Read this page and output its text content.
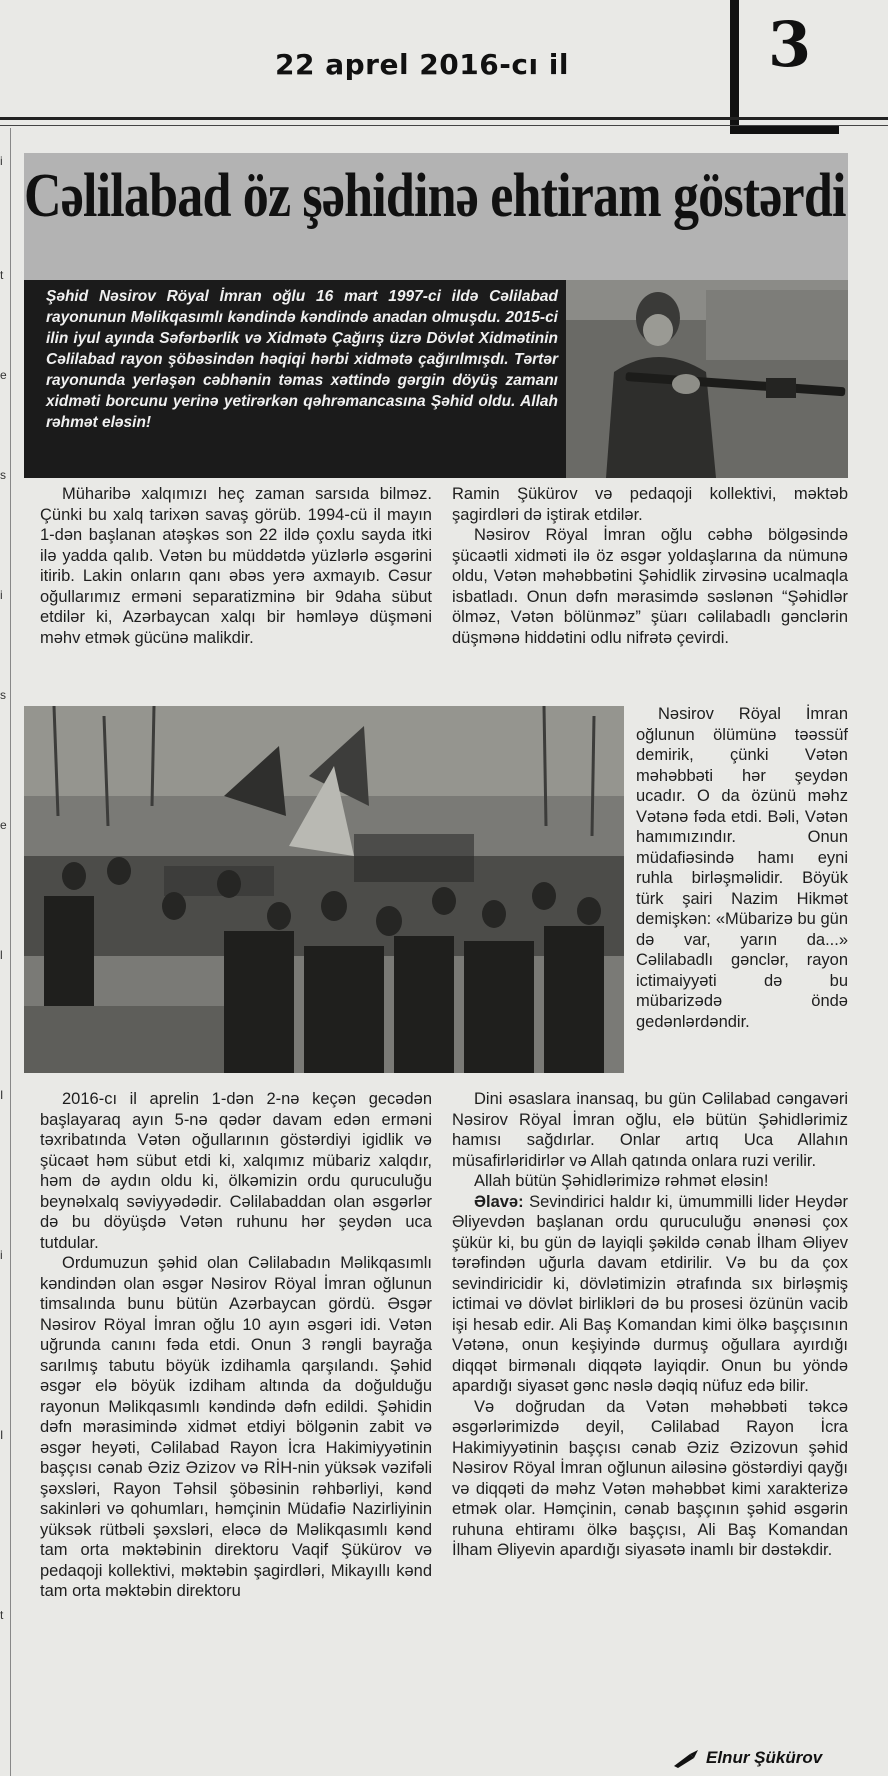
22 aprel 2016-cı il	3
i
t
e
s
i
s
e
l
I
i
I
t
Cəlilabad öz şəhidinə ehtiram göstərdi

Şəhid Nəsirov Röyal İmran oğlu 16 mart 1997-ci ildə Cəlilabad rayonunun Məlikqasımlı kəndində kəndində anadan olmuşdu. 2015-ci ilin iyul ayında Səfərbərlik və Xidmətə Çağırış üzrə Dövlət Xidmətinin Cəlilabad rayon şöbəsindən həqiqi hərbi xidmətə çağırılmışdı. Tərtər rayonunda yerləşən cəbhənin təmas xəttində gərgin döyüş zamanı xidməti borcunu yerinə yetirərkən qəhrəmancasına Şəhid oldu. Allah rəhmət eləsin!

Müharibə xalqımızı heç zaman sarsıda bilməz. Çünki bu xalq tarixən savaş görüb. 1994-cü il mayın 1-dən başlanan atəşkəs son 22 ildə çoxlu sayda itki ilə yadda qalıb. Vətən bu müddətdə yüzlərlə əsgərini itirib. Lakin onların qanı əbəs yerə axmayıb. Cəsur oğullarımız erməni separatizminə bir 9daha sübut etdilər ki, Azərbaycan xalqı bir həmləyə düşməni məhv etmək gücünə malikdir.

Ramin Şükürov və pedaqoji kollektivi, məktəb şagirdləri də iştirak etdilər.

Nəsirov Röyal İmran oğlu cəbhə bölgəsində şücaətli xidməti ilə öz əsgər yoldaşlarına da nümunə oldu, Vətən məhəbbətini Şəhidlik zirvəsinə ucalmaqla isbatladı. Onun dəfn mərasimdə səslənən “Şəhidlər ölməz, Vətən bölünməz” şüarı cəlilabadlı gənclərin düşmənə hiddətini odlu nifrətə çevirdi.

Nəsirov Röyal İmran oğlunun ölümünə təəssüf demirik, çünki Vətən məhəbbəti hər şeydən ucadır. O da özünü məhz Vətənə fəda etdi. Bəli, Vətən hamımızındır. Onun müdafiəsində hamı eyni ruhla birləşməlidir. Böyük türk şairi Nazim Hikmət demişkən: «Mübarizə bu gün də var, yarın da...» Cəlilabadlı gənclər, rayon ictimaiyyəti də bu mübarizədə öndə gedənlərdəndir.

2016-cı il aprelin 1-dən 2-nə keçən gecədən başlayaraq ayın 5-nə qədər davam edən erməni təxribatında Vətən oğullarının göstərdiyi igidlik və şücaət həm sübut etdi ki, xalqımız mübariz xalqdır, həm də aydın oldu ki, ölkəmizin ordu quruculuğu beynəlxalq səviyyədədir. Cəlilabaddan olan əsgərlər də bu döyüşdə Vətən ruhunu hər şeydən uca tutdular.

Ordumuzun şəhid olan Cəlilabadın Məlikqasımlı kəndindən olan əsgər Nəsirov Röyal İmran oğlunun timsalında bunu bütün Azərbaycan gördü. Əsgər Nəsirov Röyal İmran oğlu 10 ayın əsgəri idi. Vətən uğrunda canını fəda etdi. Onun 3 rəngli bayrağa sarılmış tabutu böyük izdihamla qarşılandı. Şəhid əsgər elə böyük izdiham altında da doğulduğu rayonun Məlikqasımlı kəndində dəfn edildi. Şəhidin dəfn mərasimində xidmət etdiyi bölgənin zabit və əsgər heyəti, Cəlilabad Rayon İcra Hakimiyyətinin başçısı cənab Əziz Əzizov və RİH-nin yüksək vəzifəli şəxsləri, Rayon Təhsil şöbəsinin rəhbərliyi, kənd sakinləri və qohumları, həmçinin Müdafiə Nazirliyinin yüksək rütbəli şəxsləri, eləcə də Məlikqasımlı kənd tam orta məktəbinin direktoru Vaqif Şükürov və pedaqoji kollektivi, məktəbin şagirdləri, Mikayıllı kənd tam orta məktəbin direktoru

Dini əsaslara inansaq, bu gün Cəlilabad cəngavəri Nəsirov Röyal İmran oğlu, elə bütün Şəhidlərimiz hamısı sağdırlar. Onlar artıq Uca Allahın müsafirləridirlər və Allah qatında onlara ruzi verilir.

Allah bütün Şəhidlərimizə rəhmət eləsin!

Əlavə: Sevindirici haldır ki, ümummilli lider Heydər Əliyevdən başlanan ordu quruculuğu ənənəsi çox şükür ki, bu gün də layiqli şəkildə cənab İlham Əliyev tərəfindən uğurla davam etdirilir. Və bu da çox sevindiricidir ki, dövlətimizin ətrafında sıx birləşmiş ictimai və dövlət birlikləri də bu prosesi özünün vacib işi hesab edir. Ali Baş Komandan kimi ölkə başçısının Vətənə, onun keşiyində durmuş oğullara ayırdığı diqqət birmənalı diqqətə layiqdir. Onun bu yöndə apardığı siyasət gənc nəslə dəqiq nüfuz edə bilir.

Və doğrudan da Vətən məhəbbəti təkcə əsgərlərimizdə deyil, Cəlilabad Rayon İcra Hakimiyyətinin başçısı cənab Əziz Əzizovun şəhid Nəsirov Röyal İmran oğlunun ailəsinə göstərdiyi qayğı və diqqəti də məhz Vətən məhəbbət kimi xarakterizə etmək olar. Həmçinin, cənab başçının şəhid əsgərin ruhuna ehtiramı ölkə başçısı, Ali Baş Komandan İlham Əliyevin apardığı siyasətə inamlı bir dəstəkdir.

Elnur Şükürov
